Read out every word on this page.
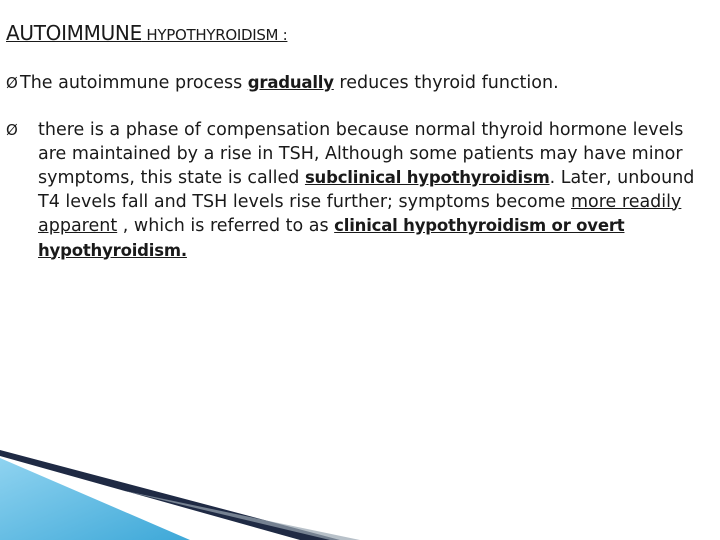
AUTOIMMUNE HYPOTHYROIDISM :
Ø The autoimmune process gradually reduces thyroid function.
Ø	there is a phase of compensation because normal thyroid hormone levels are maintained by a rise in TSH, Although some patients may have minor symptoms, this state is called subclinical hypothyroidism. Later, unbound T4 levels fall and TSH levels rise further; symptoms become more readily apparent , which is referred to as clinical hypothyroidism or overt hypothyroidism.
